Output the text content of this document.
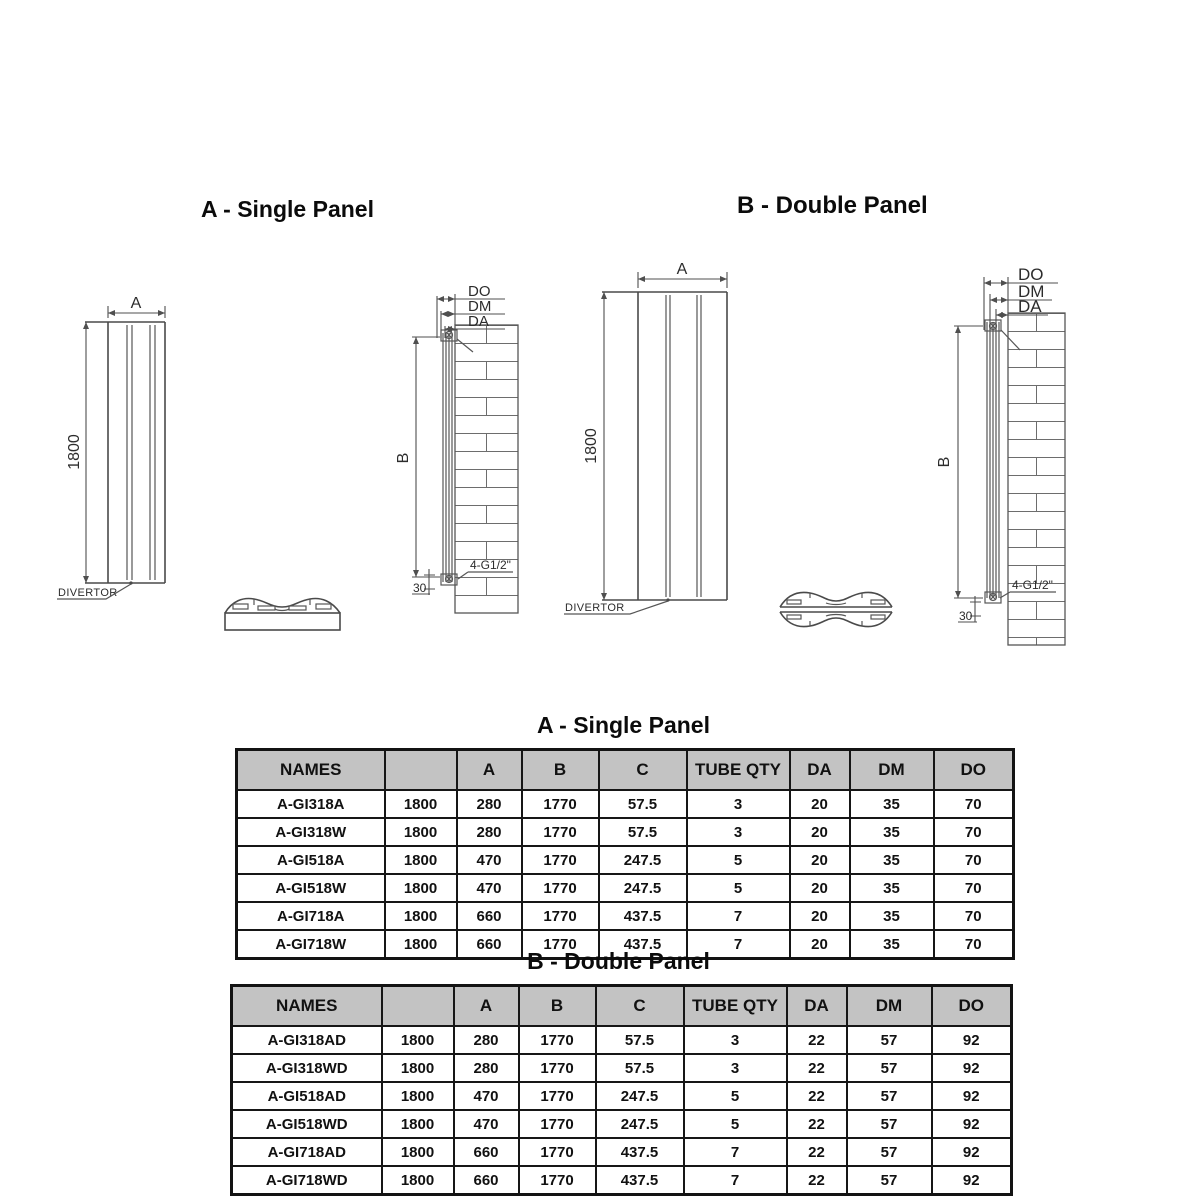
A - Single Panel	B - Double Panel
A
1800
DIVERTOR
DO
DM
DA
B
30
4-G1/2"
A
1800
DIVERTOR
DO
DM
DA
B
30
4-G1/2"
A - Single Panel
NAMES		A	B	C	TUBE QTY	DA	DM	DO
A-GI318A	1800	280	1770	57.5	3	20	35	70
A-GI318W	1800	280	1770	57.5	3	20	35	70
A-GI518A	1800	470	1770	247.5	5	20	35	70
A-GI518W	1800	470	1770	247.5	5	20	35	70
A-GI718A	1800	660	1770	437.5	7	20	35	70
A-GI718W	1800	660	1770	437.5	7	20	35	70
B - Double Panel
NAMES		A	B	C	TUBE QTY	DA	DM	DO
A-GI318AD	1800	280	1770	57.5	3	22	57	92
A-GI318WD	1800	280	1770	57.5	3	22	57	92
A-GI518AD	1800	470	1770	247.5	5	22	57	92
A-GI518WD	1800	470	1770	247.5	5	22	57	92
A-GI718AD	1800	660	1770	437.5	7	22	57	92
A-GI718WD	1800	660	1770	437.5	7	22	57	92
